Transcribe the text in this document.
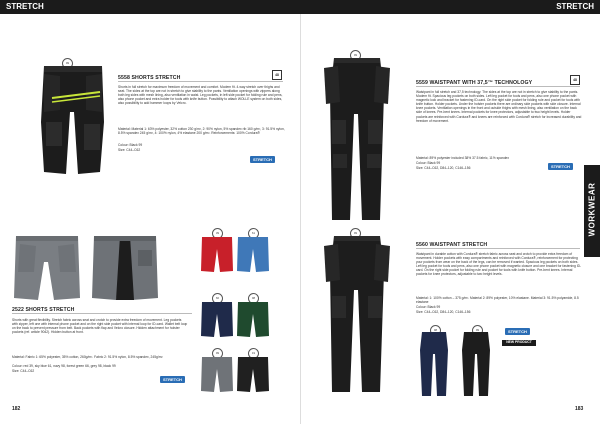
STRETCH	STRETCH
99
5558 SHORTS STRETCH	48
Shorts in full stretch for maximum freedom of movement and comfort. Modern fit. 4-way stretch over thighs and seat. The sides at the top are not in stretch to give stability to the pants. Ventilation openings with zippers along both leg sides with mesh lining, also ventilation in waist. Leg pockets, in left side pocket for folding rule and pens, also phone pocket and extra holder for tools with knife button. Possibility to attach WOLLE system on both sides, also possibility to add hammer loops by Velcro.
Material: Material 1: 63% polyester, 32% cotton 230 g/m², 2: 90% nylon, 5% spandex rib 160 g/m², 3: 91.5% nylon, 8.5% spandex 245 g/m², 4: 100% nylon, 4% elastane 200 g/m². Reinforcements: 100% Cordura®
Colour: Black 99
Size: C44–C62
STRETCH
39	61
66	98
99	19
2522 SHORTS STRETCH
Shorts with great flexibility. Stretch fabric across seat and crotch to provide extra freedom of movement. Leg pockets with zipper, left one with internal phone pocket and on the right side pocket with internal loop for ID-card. Wallet belt loop on the back to prevent pressure from belt. Back pockets with flap and Velcro closure. Hidden attachment for holster pockets (ref. article 9042). Hidden button at front.
Material: Fabric 1: 65% polyester, 35% cotton, 260g/m². Fabric 2: 91.5% nylon, 8.5% spandex, 245g/m²
Colour: red 39, sky blue 61, navy 98, forest green 66, grey 98, black 99
Size: C44–C62
STRETCH
182
99
5559 WAISTPANT WITH 37,5™ TECHNOLOGY	48
Waistpant in full stretch and 37,5 technology. The sides at the top are not in stretch to give stability to the pants. Modern fit. Spacious leg pockets on both sides. Left leg pocket for tools and pens, also one phone pocket with magnetic lock and bracket for fastening ID-card. On the right side pocket for folding rule and pocket for tools with knife button. Holder pockets. Under the holster pockets there are ordinary side pockets with side closure. Internal knee pockets. Ventilation openings in the front and outside thighs with mesh lining, also ventilation on the back side of knees. Pre-bent knees. Internal pockets for knee protectors, adjustable to two height levels. Holder pockets are reinforced with Cordura® and knees are reinforced with Cordura® stretch for increased durability and freedom of movement.
Material: 89% polyester included 38% 37.5 fabric, 11% spandex
Colour: Black 99
Size: C44–C62, D84–120, C146–156	STRETCH
WORKWEAR
99
5560 WAISTPANT STRETCH
Waistpant in durable cotton with Cordura® stretch fabric across seat and crotch to provide extra freedom of movement. Holder pockets with easy compartments and reinforced with Cordura®, reinforcement for protecting your pockets from wear on the back of the legs, can be removed if wanted. Spacious leg pockets on both sides. Left leg pocket for tools and pens, also one phone pocket with magnetic closure and one bracket for fastening ID-card. On the right side pocket for folding rule and pocket for tools with knife button. Pre-bent knees. Internal pockets for knee protectors, adjustable to two height levels.
Material: 1: 100% cotton – 375 g/m². Material 2: 89% polyester, 10% elastane. Material 3: 91.5% polyamide, 8.5 elastane
Colour: Black 99
Size: C44–C62, D84–120, C146–156
98	99	STRETCH
NEW PRODUCT
183
